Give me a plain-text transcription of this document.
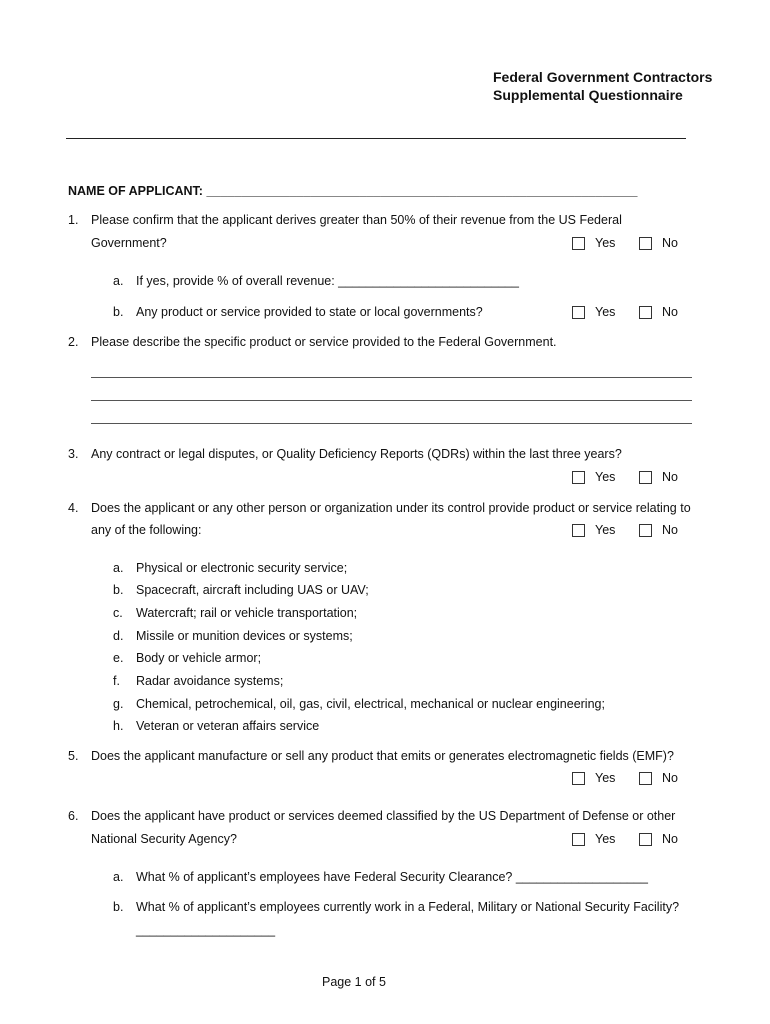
Federal Government Contractors
Supplemental Questionnaire
NAME OF APPLICANT: ______________________________________________________________
1. Please confirm that the applicant derives greater than 50% of their revenue from the US Federal
Government?	Yes	No
a. If yes, provide % of overall revenue: __________________________
b. Any product or service provided to state or local governments?	Yes	No
2. Please describe the specific product or service provided to the Federal Government.
3. Any contract or legal disputes, or Quality Deficiency Reports (QDRs) within the last three years?
Yes	No
4. Does the applicant or any other person or organization under its control provide product or service relating to
any of the following:	Yes	No
a. Physical or electronic security service;
b. Spacecraft, aircraft including UAS or UAV;
c. Watercraft; rail or vehicle transportation;
d. Missile or munition devices or systems;
e. Body or vehicle armor;
f. Radar avoidance systems;
g. Chemical, petrochemical, oil, gas, civil, electrical, mechanical or nuclear engineering;
h. Veteran or veteran affairs service
5. Does the applicant manufacture or sell any product that emits or generates electromagnetic fields (EMF)?
Yes	No
6. Does the applicant have product or services deemed classified by the US Department of Defense or other
National Security Agency?	Yes	No
a. What % of applicant’s employees have Federal Security Clearance? ___________________
b. What % of applicant’s employees currently work in a Federal, Military or National Security Facility?
____________________
Page 1 of 5
